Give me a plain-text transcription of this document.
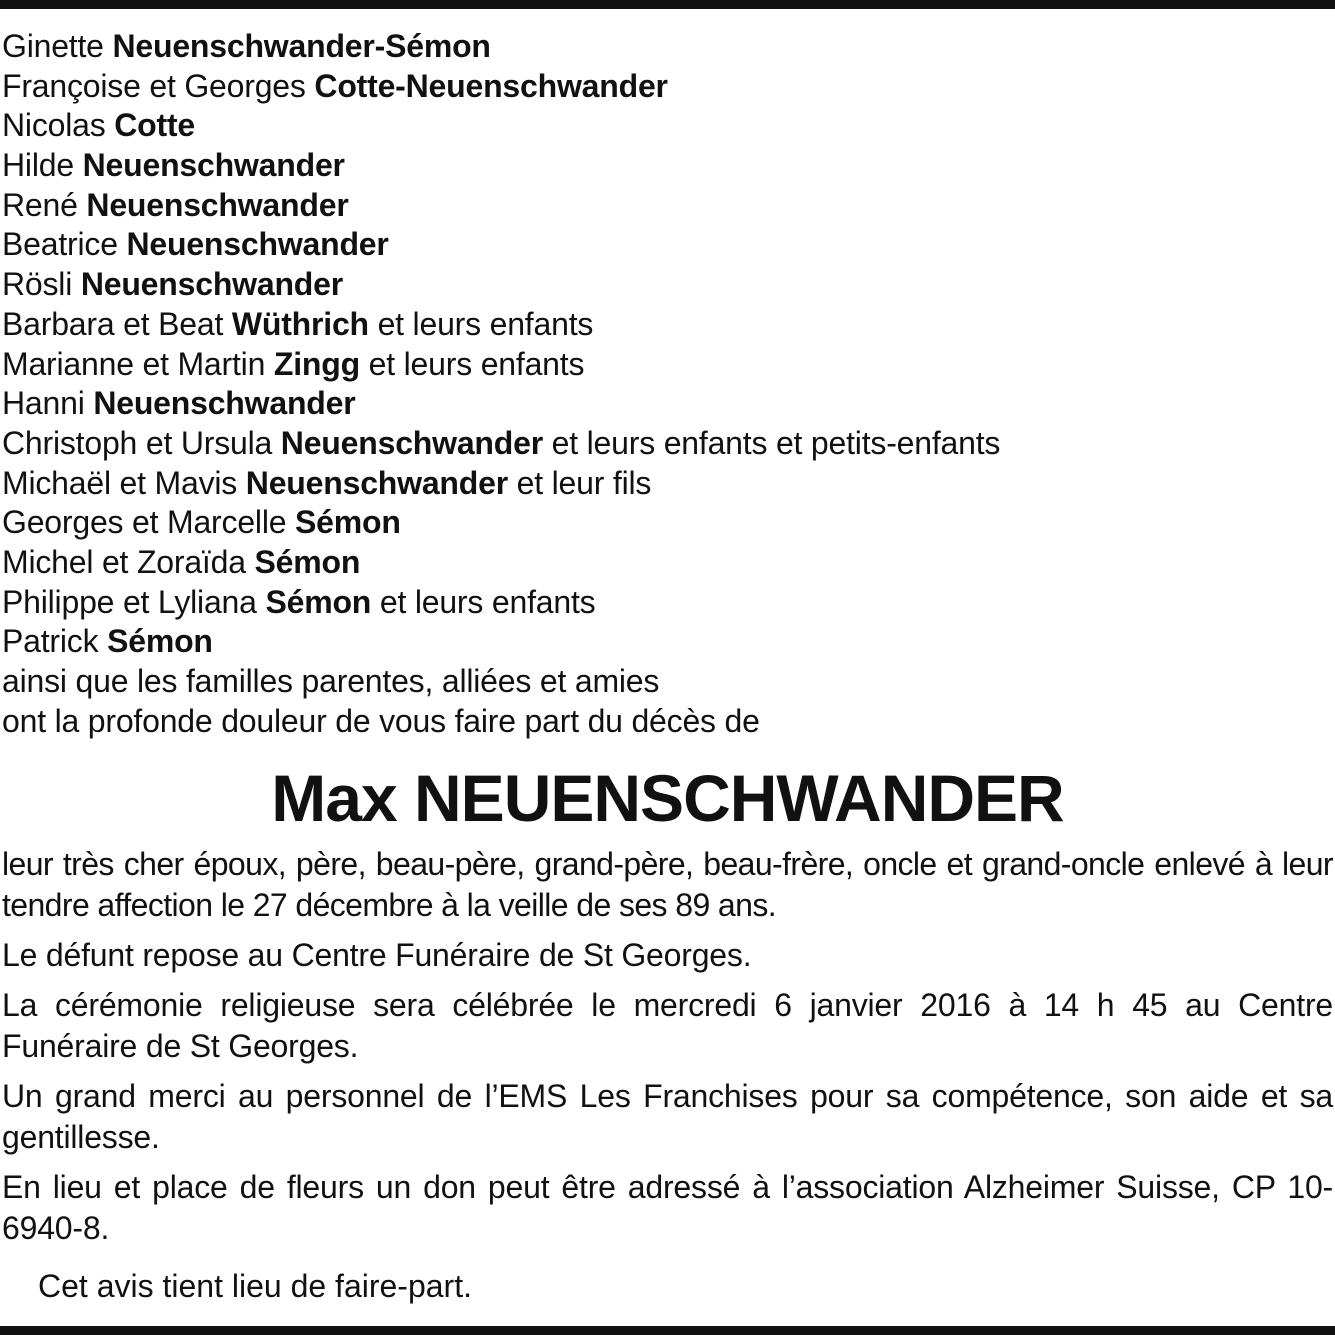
Ginette Neuenschwander-Sémon
Françoise et Georges Cotte-Neuenschwander
Nicolas Cotte
Hilde Neuenschwander
René Neuenschwander
Beatrice Neuenschwander
Rösli Neuenschwander
Barbara et Beat Wüthrich et leurs enfants
Marianne et Martin Zingg et leurs enfants
Hanni Neuenschwander
Christoph et Ursula Neuenschwander et leurs enfants et petits-enfants
Michaël et Mavis Neuenschwander et leur fils
Georges et Marcelle Sémon
Michel et Zoraïda Sémon
Philippe et Lyliana Sémon et leurs enfants
Patrick Sémon
ainsi que les familles parentes, alliées et amies
ont la profonde douleur de vous faire part du décès de
Max NEUENSCHWANDER

leur très cher époux, père, beau-père, grand-père, beau-frère, oncle et grand-oncle enlevé à leur tendre affection le 27 décembre à la veille de ses 89 ans.

Le défunt repose au Centre Funéraire de St Georges.

La cérémonie religieuse sera célébrée le mercredi 6 janvier 2016 à 14 h 45 au Centre Funéraire de St Georges.

Un grand merci au personnel de l’EMS Les Franchises pour sa compétence, son aide et sa gentillesse.

En lieu et place de fleurs un don peut être adressé à l’association Alzheimer Suisse, CP 10-6940-8.

Cet avis tient lieu de faire-part.
